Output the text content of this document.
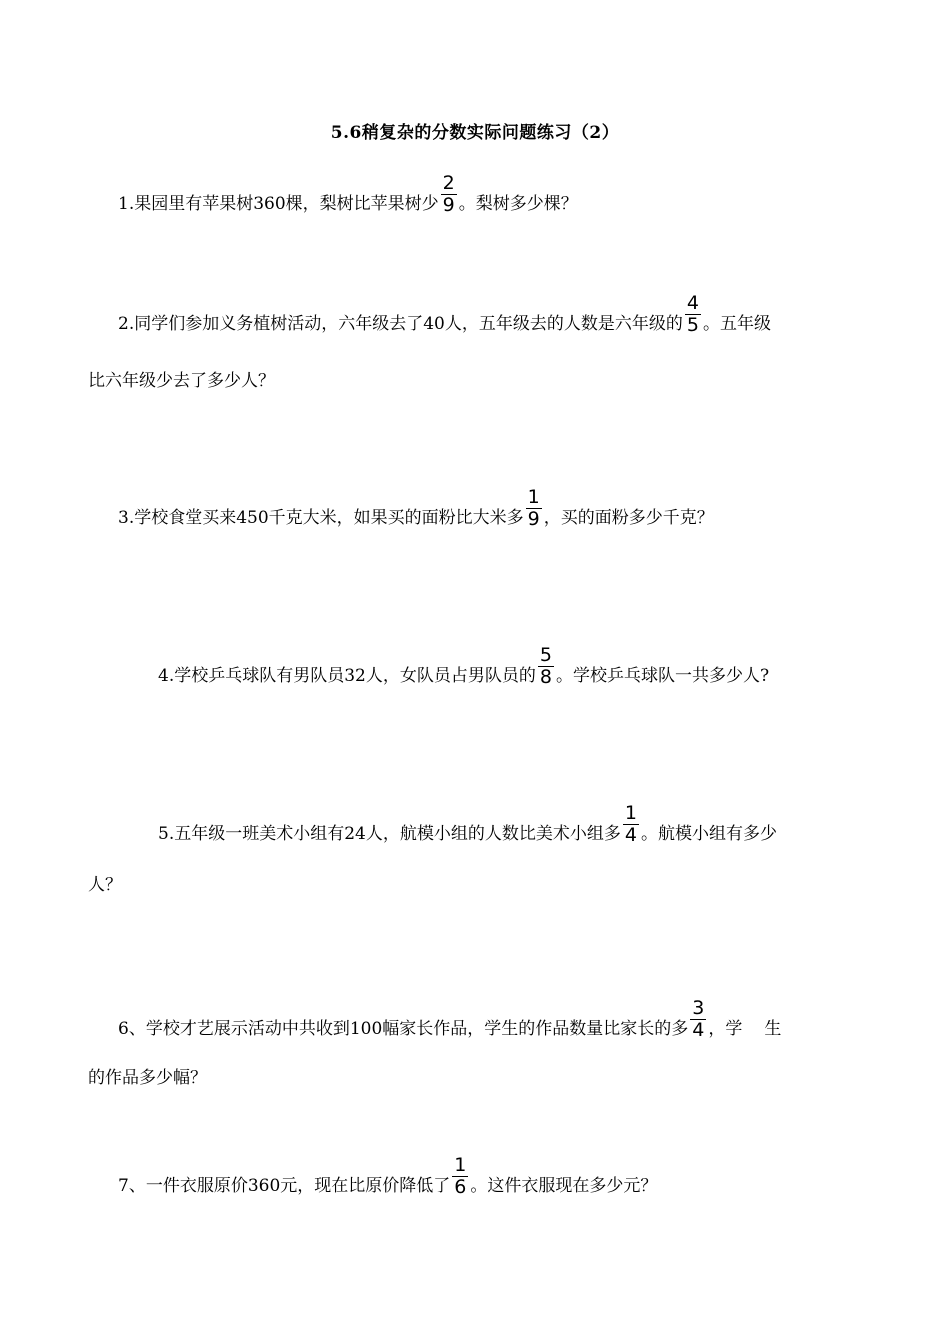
5.6稍复杂的分数实际问题练习（2）
1.果园里有苹果树360棵，梨树比苹果树少 $\frac{2}{9}$ 。梨树多少棵？
2.同学们参加义务植树活动，六年级去了40人，五年级去的人数是六年级的 $\frac{4}{5}$ 。五年级
比六年级少去了多少人？
3.学校食堂买来450千克大米，如果买的面粉比大米多 $\frac{1}{9}$ ，买的面粉多少千克？
4.学校乒乓球队有男队员32人，女队员占男队员的 $\frac{5}{8}$ 。学校乒乓球队一共多少人?
5.五年级一班美术小组有24人，航模小组的人数比美术小组多 $\frac{1}{4}$ 。航模小组有多少
人？
6、学校才艺展示活动中共收到100幅家长作品，学生的作品数量比家长的多 $\frac{3}{4}$ ，学 生
的作品多少幅？
7、一件衣服原价360元，现在比原价降低了 $\frac{1}{6}$ 。这件衣服现在多少元？
